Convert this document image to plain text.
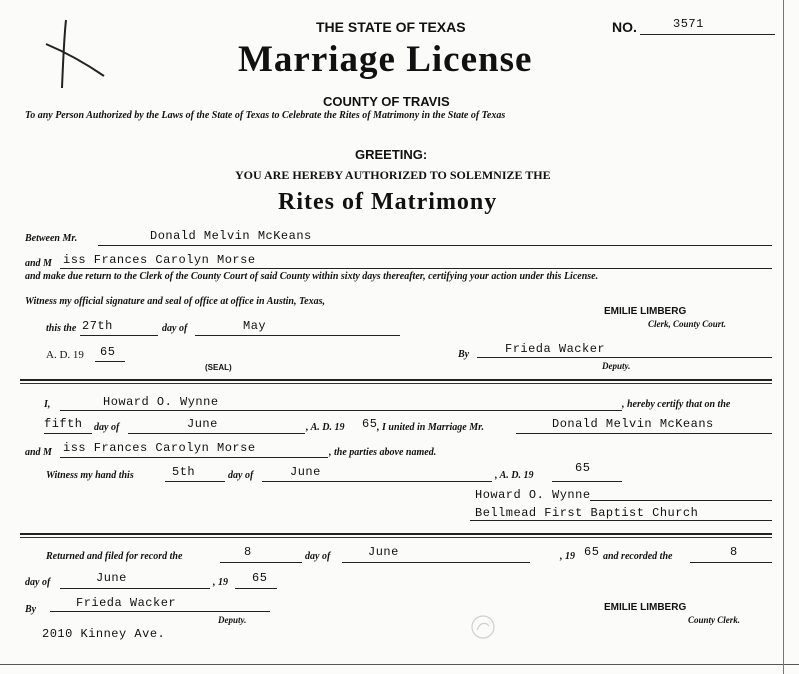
THE STATE OF TEXAS	NO.	3571
Marriage License
COUNTY OF TRAVIS
To any Person Authorized by the Laws of the State of Texas to Celebrate the Rites of Matrimony in the State of Texas
GREETING:
YOU ARE HEREBY AUTHORIZED TO SOLEMNIZE THE
Rites of Matrimony
Between Mr.	Donald Melvin McKeans
and M iss Frances Carolyn Morse
and make due return to the Clerk of the County Court of said County within sixty days thereafter, certifying your action under this License.
Witness my official signature and seal of office at office in Austin, Texas,
this the 27th	day of	May
EMILIE LIMBERG
Clerk, County Court.
A. D. 19 65
(SEAL)
By	Frieda Wacker
Deputy.
I,	Howard O. Wynne	, hereby certify that on the
fifth day of	June	, A. D. 19 65 , I united in Marriage Mr.	Donald Melvin McKeans
and M iss Frances Carolyn Morse	, the parties above named.
Witness my hand this	5th	day of	June	, A. D. 19
65
Howard O. Wynne
Bellmead First Baptist Church
Returned and filed for record the	8	day of	June	, 19 65 and recorded the	8
day of	June	, 19 65
By	Frieda Wacker
Deputy.
EMILIE LIMBERG
County Clerk.
2010 Kinney Ave.
